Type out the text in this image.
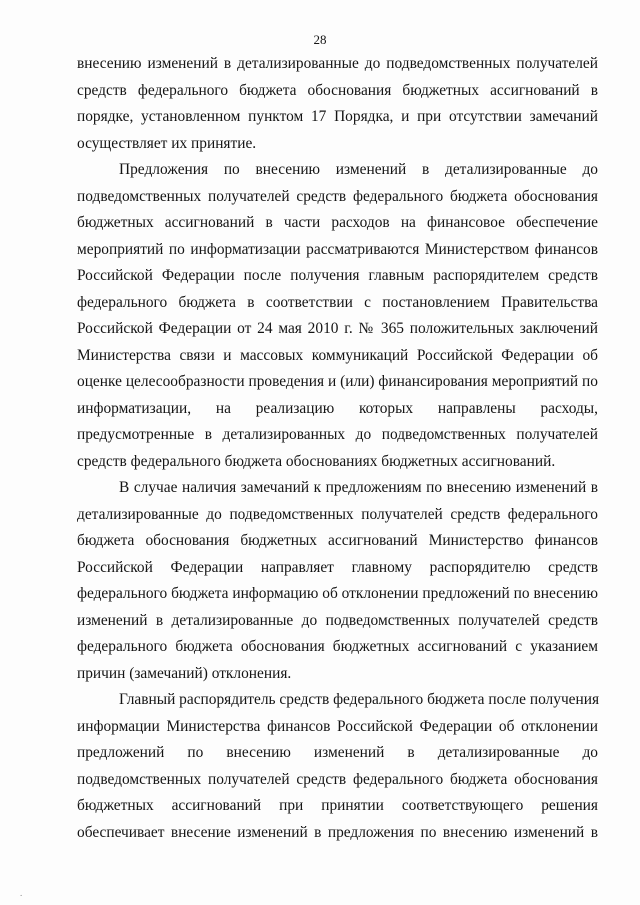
28
внесению изменений в детализированные до подведомственных получателей
средств федерального бюджета обоснования бюджетных ассигнований в
порядке, установленном пунктом 17 Порядка, и при отсутствии замечаний
осуществляет их принятие.
Предложения по внесению изменений в детализированные до
подведомственных получателей средств федерального бюджета обоснования
бюджетных ассигнований в части расходов на финансовое обеспечение
мероприятий по информатизации рассматриваются Министерством финансов
Российской Федерации после получения главным распорядителем средств
федерального бюджета в соответствии с постановлением Правительства
Российской Федерации от 24 мая 2010 г. № 365 положительных заключений
Министерства связи и массовых коммуникаций Российской Федерации об
оценке целесообразности проведения и (или) финансирования мероприятий по
информатизации, на реализацию которых направлены расходы,
предусмотренные в детализированных до подведомственных получателей
средств федерального бюджета обоснованиях бюджетных ассигнований.
В случае наличия замечаний к предложениям по внесению изменений в
детализированные до подведомственных получателей средств федерального
бюджета обоснования бюджетных ассигнований Министерство финансов
Российской Федерации направляет главному распорядителю средств
федерального бюджета информацию об отклонении предложений по внесению
изменений в детализированные до подведомственных получателей средств
федерального бюджета обоснования бюджетных ассигнований с указанием
причин (замечаний) отклонения.
Главный распорядитель средств федерального бюджета после получения
информации Министерства финансов Российской Федерации об отклонении
предложений по внесению изменений в детализированные до
подведомственных получателей средств федерального бюджета обоснования
бюджетных ассигнований при принятии соответствующего решения
обеспечивает внесение изменений в предложения по внесению изменений в
.
